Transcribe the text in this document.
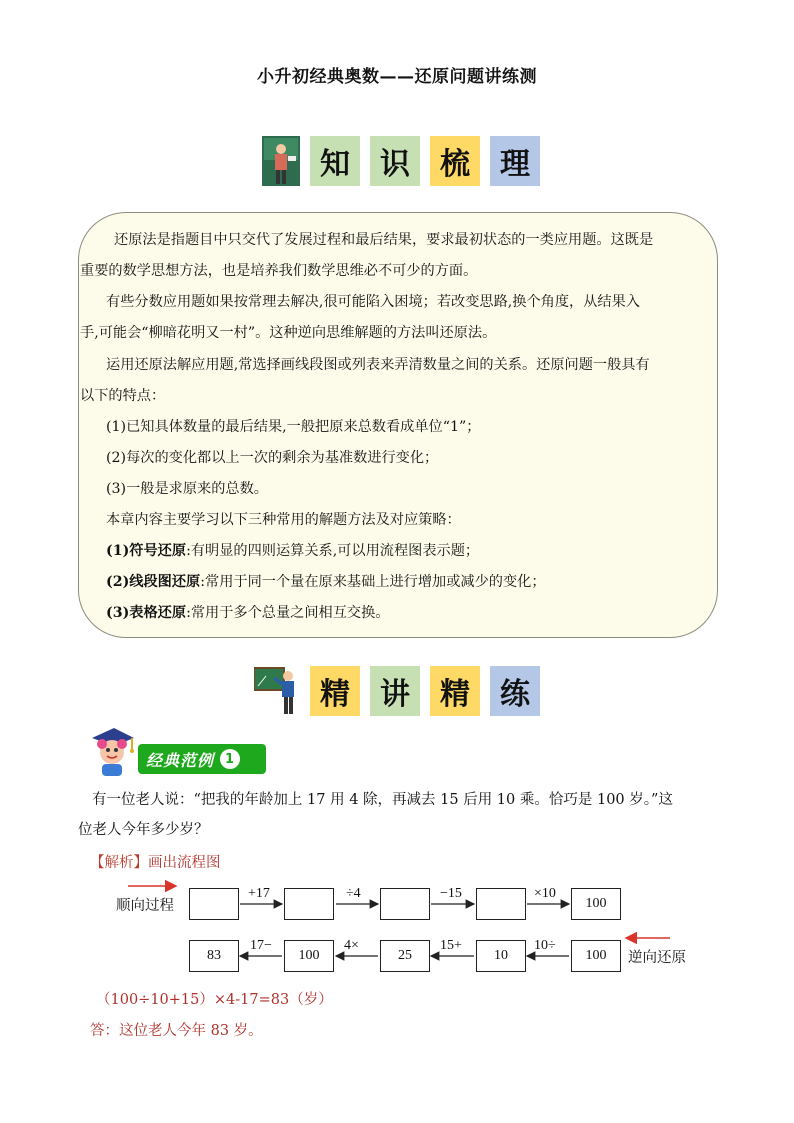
小升初经典奥数——还原问题讲练测
知	识	梳	理
还原法是指题目中只交代了发展过程和最后结果，要求最初状态的一类应用题。这既是
重要的数学思想方法，也是培养我们数学思维必不可少的方面。
有些分数应用题如果按常理去解决,很可能陷入困境；若改变思路,换个角度，从结果入
手,可能会“柳暗花明又一村”。这种逆向思维解题的方法叫还原法。
运用还原法解应用题,常选择画线段图或列表来弄清数量之间的关系。还原问题一般具有
以下的特点：
(1)已知具体数量的最后结果,一般把原来总数看成单位“1”；
(2)每次的变化都以上一次的剩余为基准数进行变化；
(3)一般是求原来的总数。
本章内容主要学习以下三种常用的解题方法及对应策略：
(1)符号还原:有明显的四则运算关系,可以用流程图表示题；
(2)线段图还原:常用于同一个量在原来基础上进行增加或减少的变化；
(3)表格还原:常用于多个总量之间相互交换。
精	讲	精	练
经典范例 1
有一位老人说：“把我的年龄加上 17 用 4 除，再减去 15 后用 10 乘。恰巧是 100 岁。”这
位老人今年多少岁？
【解析】画出流程图
顺向过程	100
+17	÷4	−15	×10
83	100	25	10	100
17−	4×	15+	10÷
逆向还原
（100÷10+15）×4-17=83（岁）
答：这位老人今年 83 岁。
